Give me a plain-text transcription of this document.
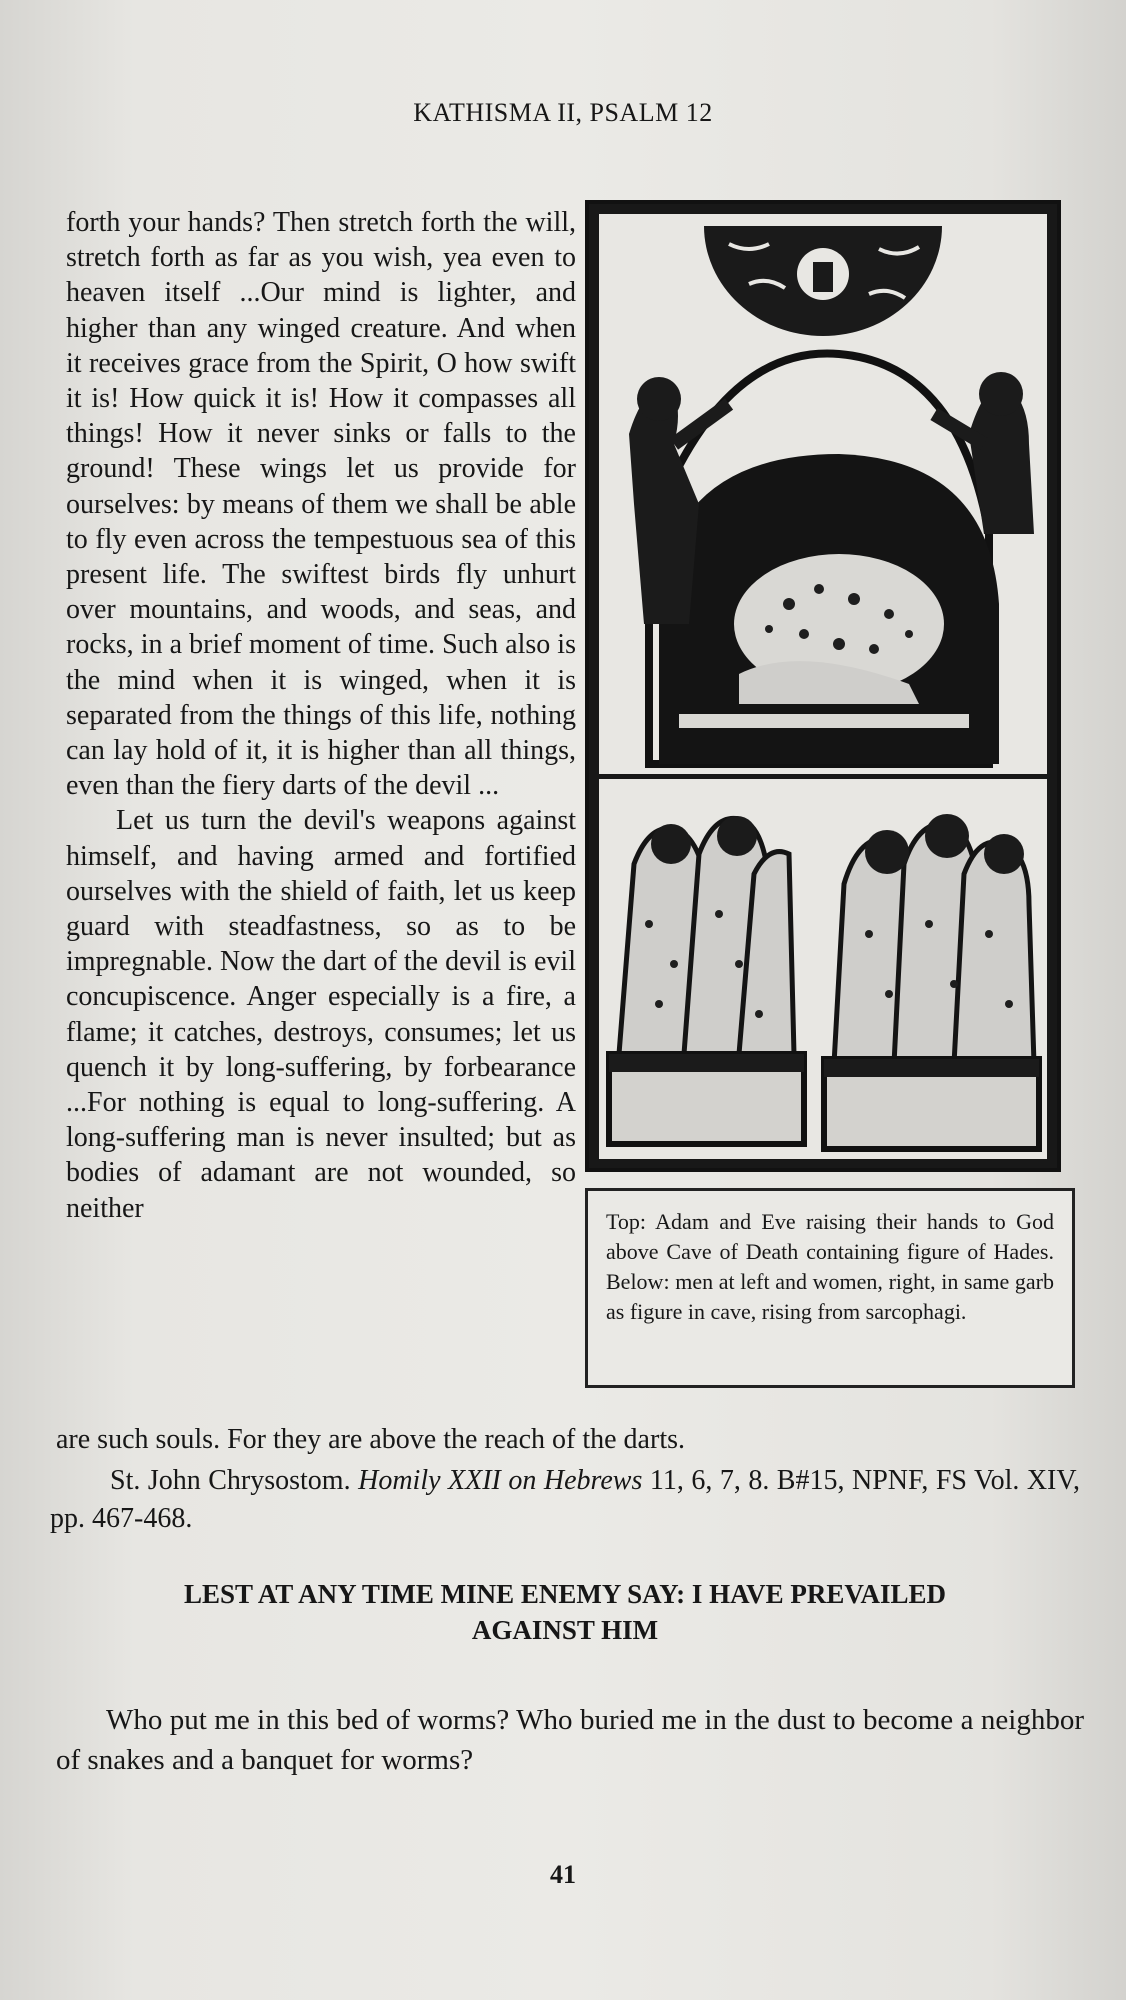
KATHISMA II, PSALM 12

forth your hands? Then stretch forth the will, stretch forth as far as you wish, yea even to heaven itself ...Our mind is lighter, and higher than any winged creature. And when it receives grace from the Spirit, O how swift it is! How quick it is! How it compasses all things! How it never sinks or falls to the ground! These wings let us provide for ourselves: by means of them we shall be able to fly even across the tempestuous sea of this present life. The swiftest birds fly unhurt over mountains, and woods, and seas, and rocks, in a brief moment of time. Such also is the mind when it is winged, when it is separated from the things of this life, nothing can lay hold of it, it is higher than all things, even than the fiery darts of the devil ...

Let us turn the devil's weapons against himself, and having armed and fortified ourselves with the shield of faith, let us keep guard with steadfastness, so as to be impregnable. Now the dart of the devil is evil concupiscence. Anger especially is a fire, a flame; it catches, destroys, consumes; let us quench it by long-suffering, by forbearance ...For nothing is equal to long-suffering. A long-suffering man is never insulted; but as bodies of adamant are not wounded, so neither	Top: Adam and Eve raising their hands to God above Cave of Death containing figure of Hades. Below: men at left and women, right, in same garb as figure in cave, rising from sarcophagi.

are such souls. For they are above the reach of the darts.

St. John Chrysostom. Homily XXII on Hebrews 11, 6, 7, 8. B#15, NPNF, FS Vol. XIV, pp. 467-468.
LEST AT ANY TIME MINE ENEMY SAY: I HAVE PREVAILED
AGAINST HIM
Who put me in this bed of worms? Who buried me in the dust to become a neighbor of snakes and a banquet for worms?
41
